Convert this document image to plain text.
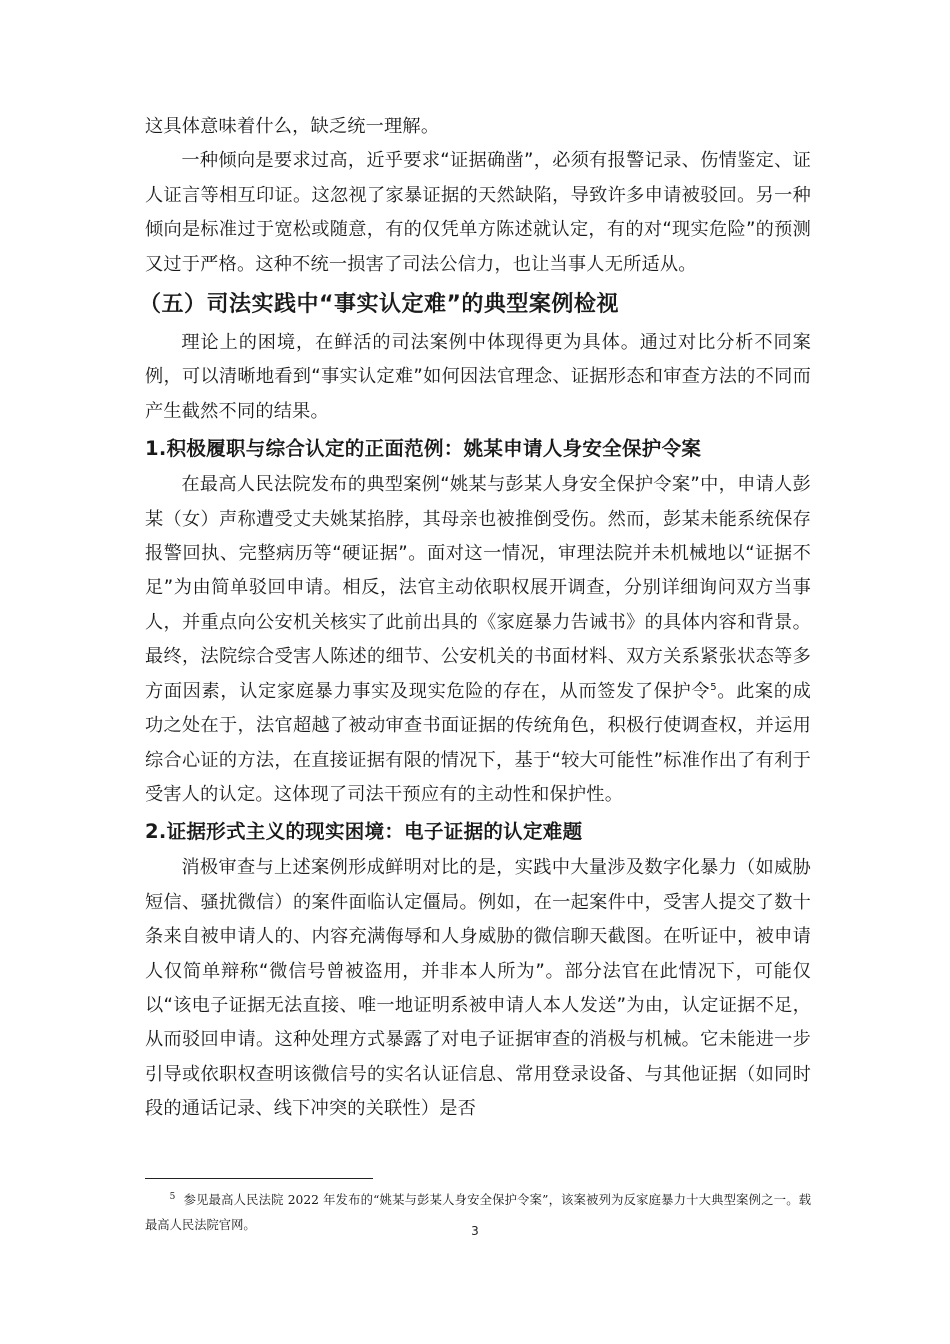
这具体意味着什么，缺乏统一理解。

一种倾向是要求过高，近乎要求“证据确凿”，必须有报警记录、伤情鉴定、证人证言等相互印证。这忽视了家暴证据的天然缺陷，导致许多申请被驳回。另一种倾向是标准过于宽松或随意，有的仅凭单方陈述就认定，有的对“现实危险”的预测又过于严格。这种不统一损害了司法公信力，也让当事人无所适从。

（五）司法实践中“事实认定难”的典型案例检视

理论上的困境，在鲜活的司法案例中体现得更为具体。通过对比分析不同案例，可以清晰地看到“事实认定难”如何因法官理念、证据形态和审查方法的不同而产生截然不同的结果。

1.积极履职与综合认定的正面范例：姚某申请人身安全保护令案

在最高人民法院发布的典型案例“姚某与彭某人身安全保护令案”中，申请人彭某（女）声称遭受丈夫姚某掐脖，其母亲也被推倒受伤。然而，彭某未能系统保存报警回执、完整病历等“硬证据”。面对这一情况，审理法院并未机械地以“证据不足”为由简单驳回申请。相反，法官主动依职权展开调查，分别详细询问双方当事人，并重点向公安机关核实了此前出具的《家庭暴力告诫书》的具体内容和背景。最终，法院综合受害人陈述的细节、公安机关的书面材料、双方关系紧张状态等多方面因素，认定家庭暴力事实及现实危险的存在，从而签发了保护令$^5$。此案的成功之处在于，法官超越了被动审查书面证据的传统角色，积极行使调查权，并运用综合心证的方法，在直接证据有限的情况下，基于“较大可能性”标准作出了有利于受害人的认定。这体现了司法干预应有的主动性和保护性。

2.证据形式主义的现实困境：电子证据的认定难题

消极审查与上述案例形成鲜明对比的是，实践中大量涉及数字化暴力（如威胁短信、骚扰微信）的案件面临认定僵局。例如，在一起案件中，受害人提交了数十条来自被申请人的、内容充满侮辱和人身威胁的微信聊天截图。在听证中，被申请人仅简单辩称“微信号曾被盗用，并非本人所为”。部分法官在此情况下，可能仅以“该电子证据无法直接、唯一地证明系被申请人本人发送”为由，认定证据不足，从而驳回申请。这种处理方式暴露了对电子证据审查的消极与机械。它未能进一步引导或依职权查明该微信号的实名认证信息、常用登录设备、与其他证据（如同时段的通话记录、线下冲突的关联性）是否

$^5$ 参见最高人民法院 2022 年发布的“姚某与彭某人身安全保护令案”，该案被列为反家庭暴力十大典型案例之一。载最高人民法院官网。	3
